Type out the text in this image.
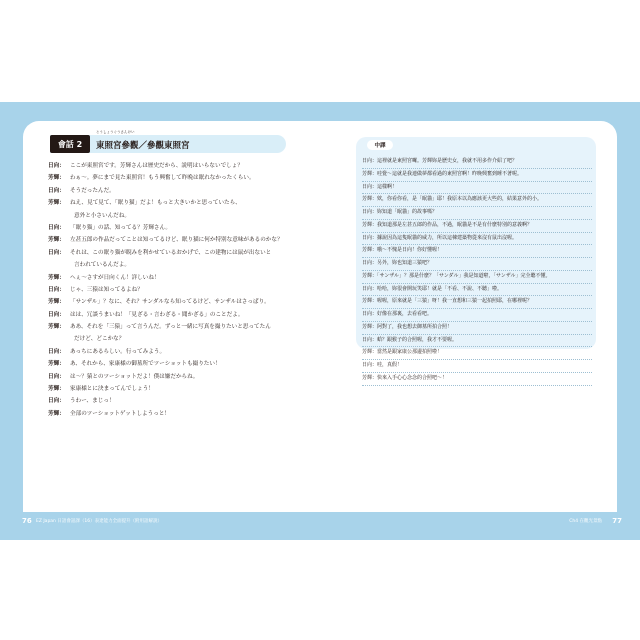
會話 2
とうしょうぐうさんけい
東照宮參觀／參觀東照宮
日向： ここが東照宮です。芳輝さんは歴史だから、説明はいらないでしょ？
芳輝： わぁ～。夢にまで見た東照宮！もう興奮して昨晩は眠れなかったくらい。
日向： そうだったんだ。
芳輝： ねえ、見て見て、「眠り猫」だよ！もっと大きいかと思っていたら、
意外と小さいんだね。
日向： 「眠り猫」の話、知ってる？芳輝さん。
芳輝： 左甚五郎の作品だってことは知ってるけど、眠り猫に何か特別な意味があるのかな？
日向： それは、この眠り猫が睨みを利かせているおかげで、この建物には鼠が出ないと
言われているんだよ。
芳輝： へぇ～さすが日向くん！詳しいね！
日向： じゃ、三猿は知ってるよね？
芳輝： 「サンザル」？なに、それ？サンダルなら知ってるけど、サンザルはさっぱり。
日向： はは、冗談うまいね！「見ざる・言わざる・聞かざる」のことだよ。
芳輝： ああ、それを「三猿」って言うんだ。ずっと一緒に写真を撮りたいと思ってたん
だけど、どこかな？
日向： あっちにあるらしい。行ってみよう。
芳輝： あ、それから、家康様の御墓所でツーショットも撮りたい！
日向： は～？猿とのツーショットだよ！僕は嫌だからね。
芳輝： 家康様とに決まってんでしょう！
日向： うわー、まじっ！
芳輝： 全部のツーショットゲットしようっと！
中譯
日向：這裡就是東照宮囉。芳輝妳是歷史女，我就不用多作介紹了吧？
芳輝：哇覺～這就是我連做夢都看過的東照宮啊！昨晚興奮到睡不著呢。
日向：這樣啊！
芳輝：欸，你看你看，是「眠貓」耶！我原本以為應該更大些的，結果意外的小。
日向：妳知道「眠貓」的故事嗎？
芳輝：我知道那是左甚五郎的作品，不過，眠貓是不是有什麼特別的意義啊？
日向：據說因為這隻眠貓的威力，所以這棟建築物從來沒有鼠出沒喔。
芳輝：哦～不愧是日向！你好懂喔！
日向：另外，妳也知道三猿吧？
芳輝：「サンザル」？那是什麼？「サンダル」我是知道啦，「サンザル」完全聽不懂。
日向：哈哈，妳很會開玩笑耶！就是「不看、不說、不聽」啦。
芳輝：喔喔，原來就是「三猿」呀！我一直想和三猿一起拍照耶，在哪裡呢？
日向：好像在那裏，去看看吧。
芳輝：阿對了，我也想去御墓所拍合照！
日向：蛤？跟猴子的合照喔，我才不要喔。
芳輝：當然是跟家康公那邊拍照啦！
日向：哇，真假！
芳輝：快來入手心心念念的合照吧～！
76 EZ Japan 日語會話課（16）表達能力全面提升（附用語解說）	Ch4 在觀光景點 77
